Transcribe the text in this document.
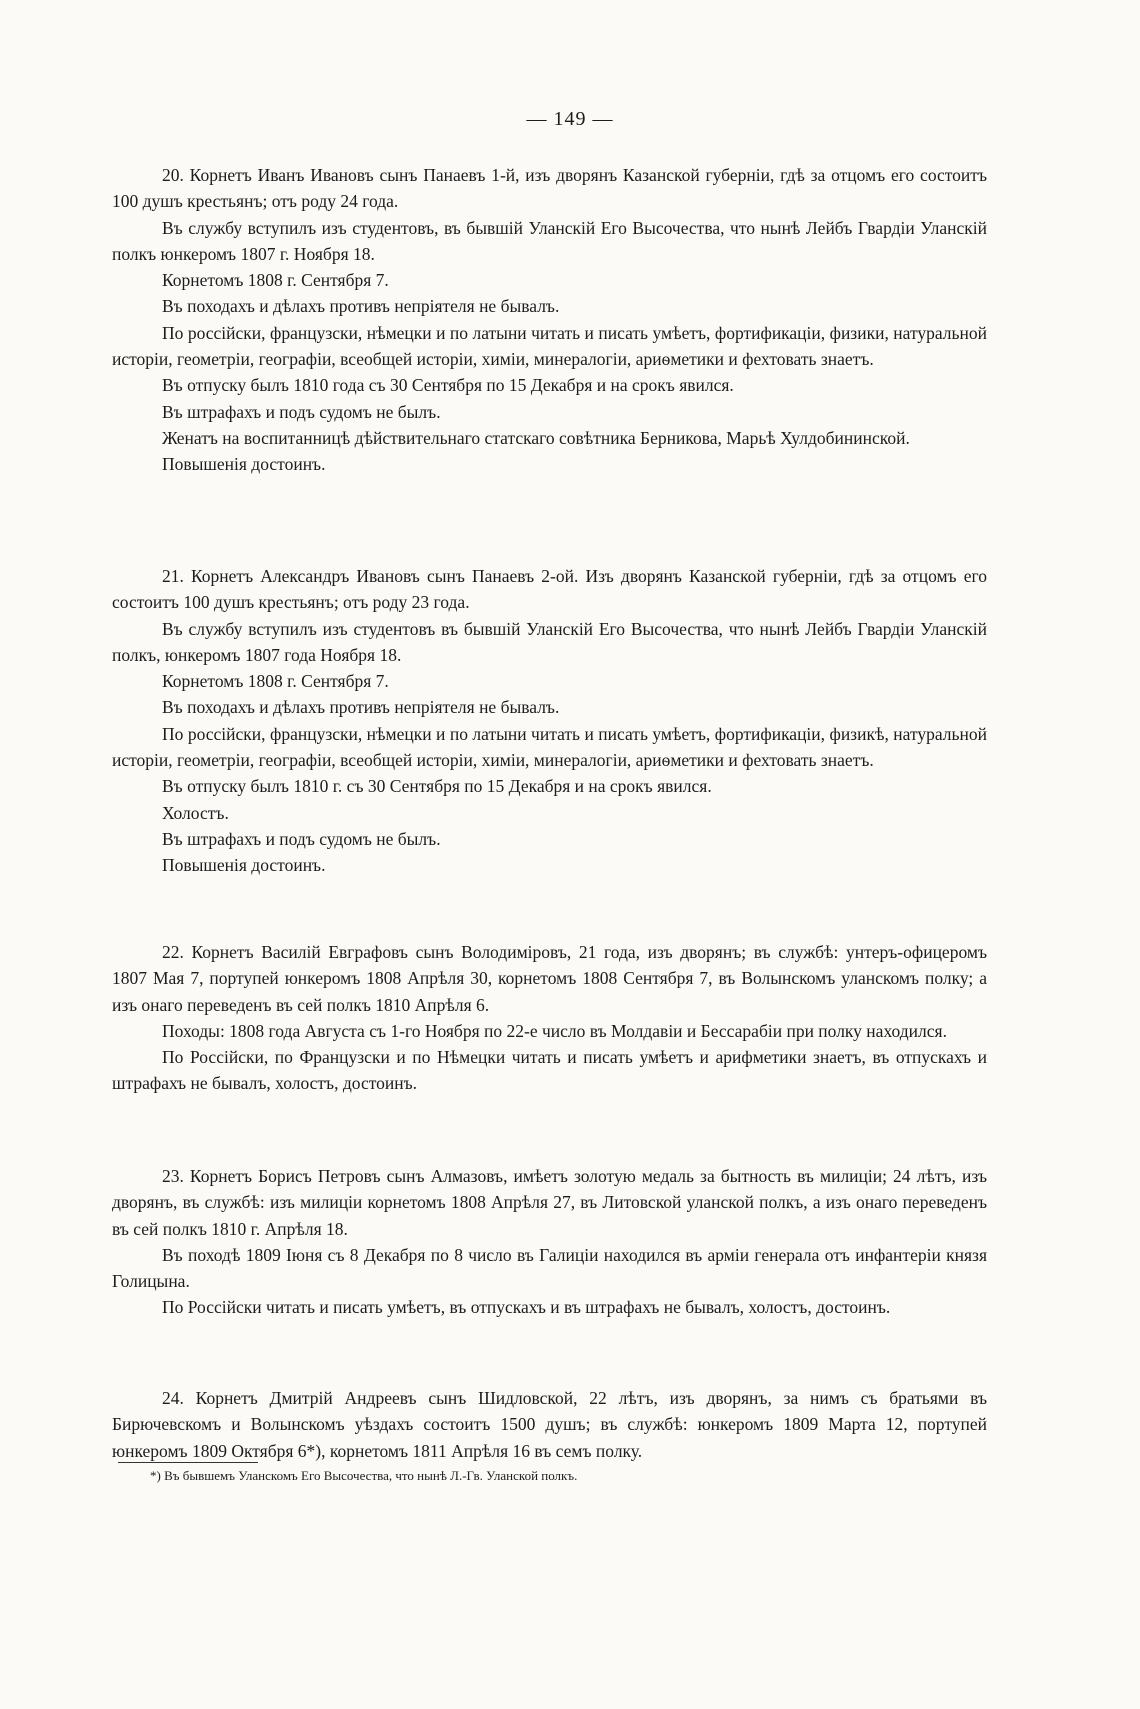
— 149 —

20. Корнетъ Иванъ Ивановъ сынъ Панаевъ 1-й, изъ дворянъ Казанской губерніи, гдѣ за отцомъ его состоитъ 100 душъ крестьянъ; отъ роду 24 года.

Въ службу вступилъ изъ студентовъ, въ бывшій Уланскій Его Высочества, что нынѣ Лейбъ Гвардіи Уланскій полкъ юнкеромъ 1807 г. Ноября 18.

Корнетомъ 1808 г. Сентября 7.

Въ походахъ и дѣлахъ противъ непріятеля не бывалъ.

По россійски, французски, нѣмецки и по латыни читать и писать умѣетъ, фортификаціи, физики, натуральной исторіи, геометріи, географіи, всеобщей исторіи, химіи, минералогіи, ариѳметики и фехтовать знаетъ.

Въ отпуску былъ 1810 года съ 30 Сентября по 15 Декабря и на срокъ явился.

Въ штрафахъ и подъ судомъ не былъ.

Женатъ на воспитанницѣ дѣйствительнаго статскаго совѣтника Берникова, Марьѣ Хулдобининской.

Повышенія достоинъ.

21. Корнетъ Александръ Ивановъ сынъ Панаевъ 2-ой. Изъ дворянъ Казанской губерніи, гдѣ за отцомъ его состоитъ 100 душъ крестьянъ; отъ роду 23 года.

Въ службу вступилъ изъ студентовъ въ бывшій Уланскій Его Высочества, что нынѣ Лейбъ Гвардіи Уланскій полкъ, юнкеромъ 1807 года Ноября 18.

Корнетомъ 1808 г. Сентября 7.

Въ походахъ и дѣлахъ противъ непріятеля не бывалъ.

По россійски, французски, нѣмецки и по латыни читать и писать умѣетъ, фортификаціи, физикѣ, натуральной исторіи, геометріи, географіи, всеобщей исторіи, химіи, минералогіи, ариѳметики и фехтовать знаетъ.

Въ отпуску былъ 1810 г. съ 30 Сентября по 15 Декабря и на срокъ явился.

Холостъ.

Въ штрафахъ и подъ судомъ не былъ.

Повышенія достоинъ.

22. Корнетъ Василій Евграфовъ сынъ Володиміровъ, 21 года, изъ дворянъ; въ службѣ: унтеръ-офицеромъ 1807 Мая 7, портупей юнкеромъ 1808 Апрѣля 30, корнетомъ 1808 Сентября 7, въ Волынскомъ уланскомъ полку; а изъ онаго переведенъ въ сей полкъ 1810 Апрѣля 6.

Походы: 1808 года Августа съ 1-го Ноября по 22-е число въ Молдавіи и Бессарабіи при полку находился.

По Россійски, по Французски и по Нѣмецки читать и писать умѣетъ и арифметики знаетъ, въ отпускахъ и штрафахъ не бывалъ, холостъ, достоинъ.

23. Корнетъ Борисъ Петровъ сынъ Алмазовъ, имѣетъ золотую медаль за бытность въ милиціи; 24 лѣтъ, изъ дворянъ, въ службѣ: изъ милиціи корнетомъ 1808 Апрѣля 27, въ Литовской уланской полкъ, а изъ онаго переведенъ въ сей полкъ 1810 г. Апрѣля 18.

Въ походѣ 1809 Іюня съ 8 Декабря по 8 число въ Галиціи находился въ арміи генерала отъ инфантеріи князя Голицына.

По Россійски читать и писать умѣетъ, въ отпускахъ и въ штрафахъ не бывалъ, холостъ, достоинъ.

24. Корнетъ Дмитрій Андреевъ сынъ Шидловской, 22 лѣтъ, изъ дворянъ, за нимъ съ братьями въ Бирючевскомъ и Волынскомъ уѣздахъ состоитъ 1500 душъ; въ службѣ: юнкеромъ 1809 Марта 12, портупей юнкеромъ 1809 Октября 6*), корнетомъ 1811 Апрѣля 16 въ семъ полку.

*) Въ бывшемъ Уланскомъ Его Высочества, что нынѣ Л.-Гв. Уланской полкъ.
